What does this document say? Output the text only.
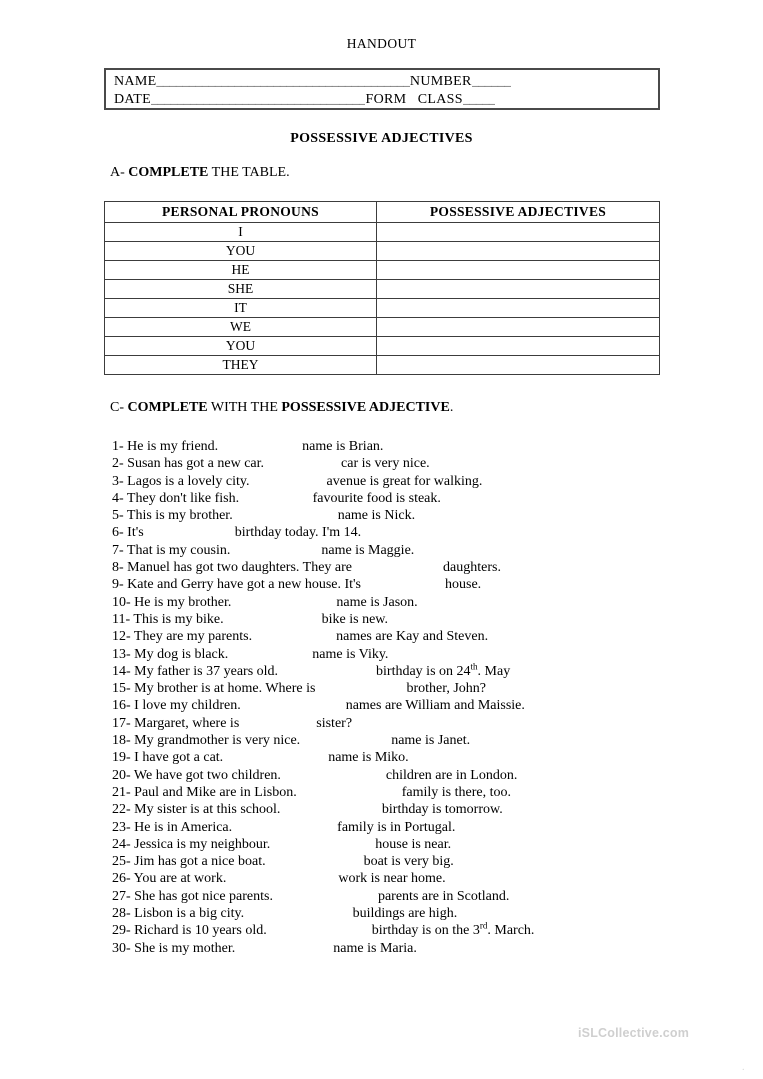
HANDOUT
NAME _______________________________________ NUMBER ______
DATE ____________________________ _____ FORM
CLASS _____
POSSESSIVE ADJECTIVES
A- COMPLETE THE TABLE.
PERSONAL PRONOUNS	POSSESSIVE ADJECTIVES
I	
YOU	
HE	
SHE	
IT	
WE	
YOU	
THEY	
C- COMPLETE WITH THE POSSESSIVE ADJECTIVE.
1- He is my friend.	name is Brian.
2- Susan has got a new car.	car is very nice.
3- Lagos is a lovely city.	avenue is great for walking.
4- They don't like fish.	favourite food is steak.
5- This is my brother.	name is Nick.
6- It's	birthday today. I'm 14.
7- That is my cousin.	name is Maggie.
8- Manuel has got two daughters. They are	daughters.
9- Kate and Gerry have got a new house. It's	house.
10- He is my brother.	name is Jason.
11- This is my bike.	bike is new.
12- They are my parents.	names are Kay and Steven.
13- My dog is black.	name is Viky.
14- My father is 37 years old.	birthday is on 24th. May
15- My brother is at home. Where is	brother, John?
16- I love my children.	names are William and Maissie.
17- Margaret, where is	sister?
18- My grandmother is very nice.	name is Janet.
19- I have got a cat.	name is Miko.
20- We have got two children.	children are in London.
21- Paul and Mike are in Lisbon.	family is there, too.
22- My sister is at this school.	birthday is tomorrow.
23- He is in America.	family is in Portugal.
24- Jessica is my neighbour.	house is near.
25- Jim has got a nice boat.	boat is very big.
26- You are at work.	work is near home.
27- She has got nice parents.	parents are in Scotland.
28- Lisbon is a big city.	buildings are high.
29- Richard is 10 years old.	birthday is on the 3rd. March.
30- She is my mother.	name is Maria.
iSLCollective.com
.
